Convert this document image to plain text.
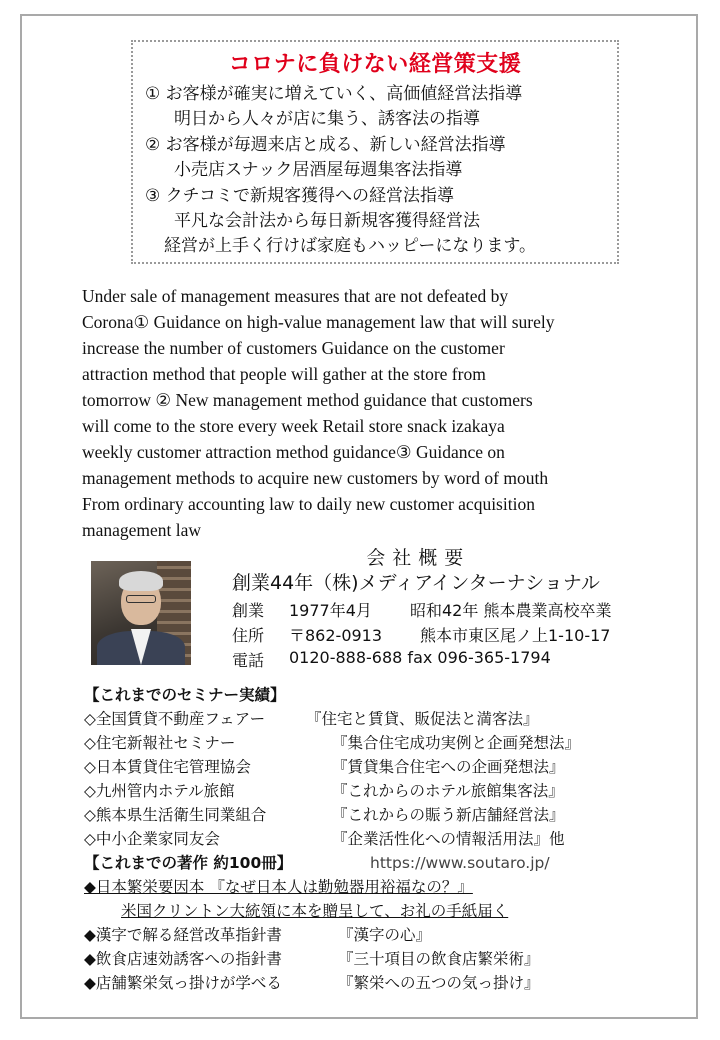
コロナに負けない経営策支援
① お客様が確実に増えていく、高価値経営法指導
明日から人々が店に集う、誘客法の指導
② お客様が毎週来店と成る、新しい経営法指導
小売店スナック居酒屋毎週集客法指導
③ クチコミで新規客獲得への経営法指導
平凡な会計法から毎日新規客獲得経営法
経営が上手く行けば家庭もハッピーになります。

Under sale of management measures that are not defeated by

Corona① Guidance on high-value management law that will surely

increase the number of customers Guidance on the customer

attraction method that people will gather at the store from

tomorrow ② New management method guidance that customers

will come to the store every week Retail store snack izakaya

weekly customer attraction method guidance③ Guidance on

management methods to acquire new customers by word of mouth

From ordinary accounting law to daily new customer acquisition

management law

会 社 概 要
創業44年（株)メディアインターナショナル
創業 1977年4月 昭和42年 熊本農業高校卒業
住所 〒862-0913 熊本市東区尾ノ上1-10-17
電話 0120-888-688 fax 096-365-1794
【これまでのセミナー実績】
◇全国賃貸不動産フェアー	『住宅と賃貸、販促法と満客法』
◇住宅新報社セミナー	『集合住宅成功実例と企画発想法』
◇日本賃貸住宅管理協会	『賃貸集合住宅への企画発想法』
◇九州管内ホテル旅館	『これからのホテル旅館集客法』
◇熊本県生活衛生同業組合	『これからの賑う新店舗経営法』
◇中小企業家同友会	『企業活性化への情報活用法』他
【これまでの著作 約100冊】	https://www.soutaro.jp/
◆日本繁栄要因本 『なぜ日本人は勤勉器用裕福なの？』
米国クリントン大統領に本を贈呈して、お礼の手紙届く
◆漢字で解る経営改革指針書	『漢字の心』
◆飲食店速効誘客への指針書	『三十項目の飲食店繁栄術』
◆店舗繁栄気っ掛けが学べる	『繁栄への五つの気っ掛け』
